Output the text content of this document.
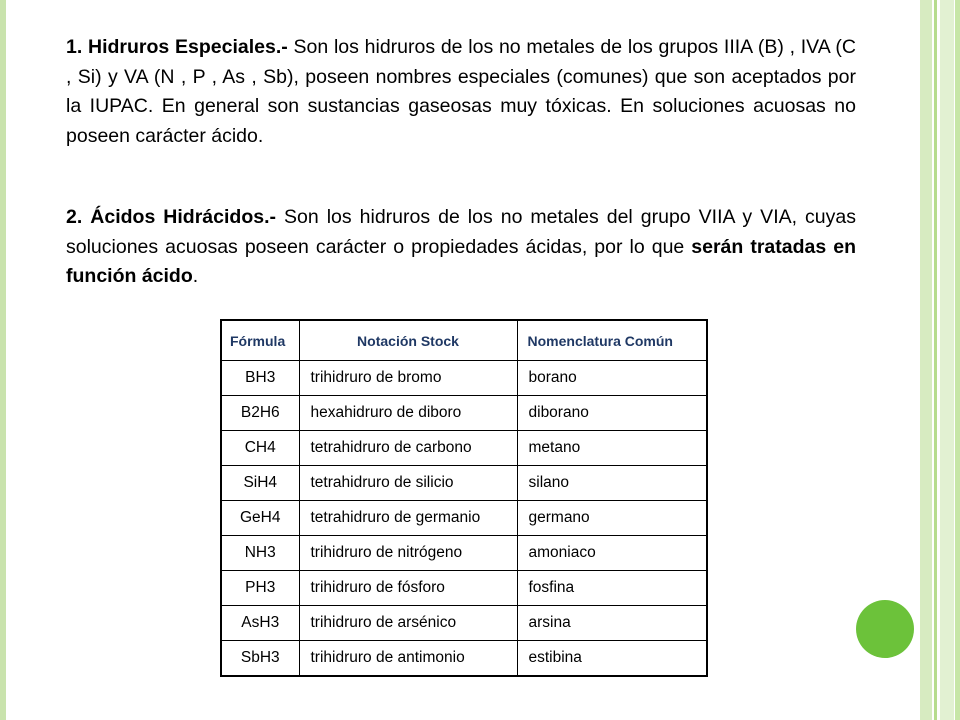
1. Hidruros Especiales.- Son los hidruros de los no metales de los grupos IIIA (B) , IVA (C , Si) y VA (N , P , As , Sb), poseen nombres especiales (comunes) que son aceptados por la IUPAC. En general son sustancias gaseosas muy tóxicas. En soluciones acuosas no poseen carácter ácido.
2. Ácidos Hidrácidos.- Son los hidruros de los no metales del grupo VIIA y VIA, cuyas soluciones acuosas poseen carácter o propiedades ácidas, por lo que serán tratadas en función ácido.
Fórmula	Notación Stock	Nomenclatura Común
BH3	trihidruro de bromo	borano
B2H6	hexahidruro de diboro	diborano
CH4	tetrahidruro de carbono	metano
SiH4	tetrahidruro de silicio	silano
GeH4	tetrahidruro de germanio	germano
NH3	trihidruro de nitrógeno	amoniaco
PH3	trihidruro de fósforo	fosfina
AsH3	trihidruro de arsénico	arsina
SbH3	trihidruro de antimonio	estibina
